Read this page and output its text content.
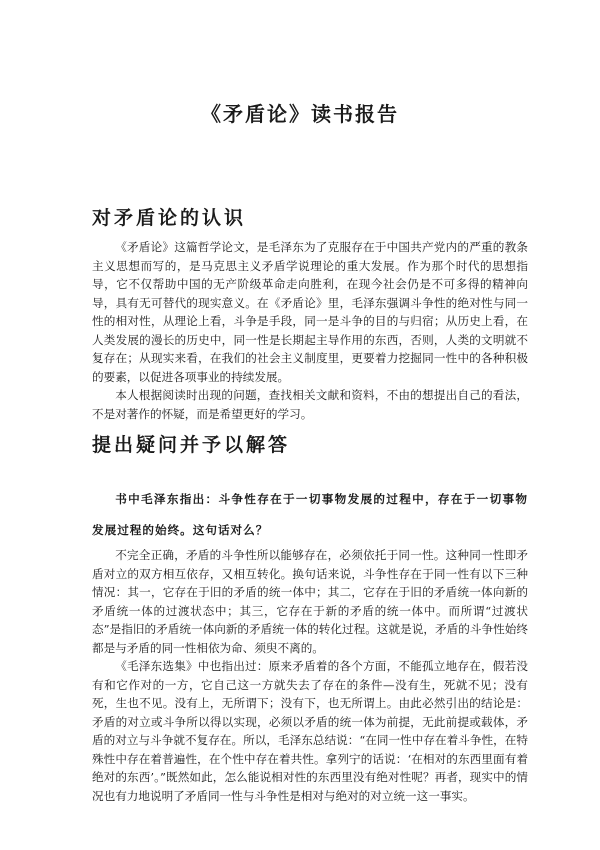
《矛盾论》读书报告
对矛盾论的认识

《矛盾论》这篇哲学论文，是毛泽东为了克服存在于中国共产党内的严重的教条主义思想而写的，是马克思主义矛盾学说理论的重大发展。作为那个时代的思想指导，它不仅帮助中国的无产阶级革命走向胜利，在现今社会仍是不可多得的精神向导，具有无可替代的现实意义。在《矛盾论》里，毛泽东强调斗争性的绝对性与同一性的相对性，从理论上看，斗争是手段，同一是斗争的目的与归宿；从历史上看，在人类发展的漫长的历史中，同一性是长期起主导作用的东西，否则，人类的文明就不复存在；从现实来看，在我们的社会主义制度里，更要着力挖掘同一性中的各种积极的要素，以促进各项事业的持续发展。

本人根据阅读时出现的问题，查找相关文献和资料，不由的想提出自己的看法，不是对著作的怀疑，而是希望更好的学习。

提出疑问并予以解答

书中毛泽东指出：斗争性存在于一切事物发展的过程中，存在于一切事物发展过程的始终。这句话对么？

不完全正确，矛盾的斗争性所以能够存在，必须依托于同一性。这种同一性即矛盾对立的双方相互依存，又相互转化。换句话来说，斗争性存在于同一性有以下三种情况：其一，它存在于旧的矛盾的统一体中；其二，它存在于旧的矛盾统一体向新的矛盾统一体的过渡状态中；其三，它存在于新的矛盾的统一体中。而所谓“过渡状态”是指旧的矛盾统一体向新的矛盾统一体的转化过程。这就是说，矛盾的斗争性始终都是与矛盾的同一性相依为命、须臾不离的。

《毛泽东选集》中也指出过：原来矛盾着的各个方面，不能孤立地存在，假若没有和它作对的一方，它自己这一方就失去了存在的条件—没有生，死就不见；没有死，生也不见。没有上，无所谓下；没有下，也无所谓上。由此必然引出的结论是：矛盾的对立或斗争所以得以实现，必须以矛盾的统一体为前提，无此前提或载体，矛盾的对立与斗争就不复存在。所以，毛泽东总结说：“在同一性中存在着斗争性，在特殊性中存在着普遍性，在个性中存在着共性。拿列宁的话说：‘在相对的东西里面有着绝对的东西’。”既然如此，怎么能说相对性的东西里没有绝对性呢？再者，现实中的情况也有力地说明了矛盾同一性与斗争性是相对与绝对的对立统一这一事实。
